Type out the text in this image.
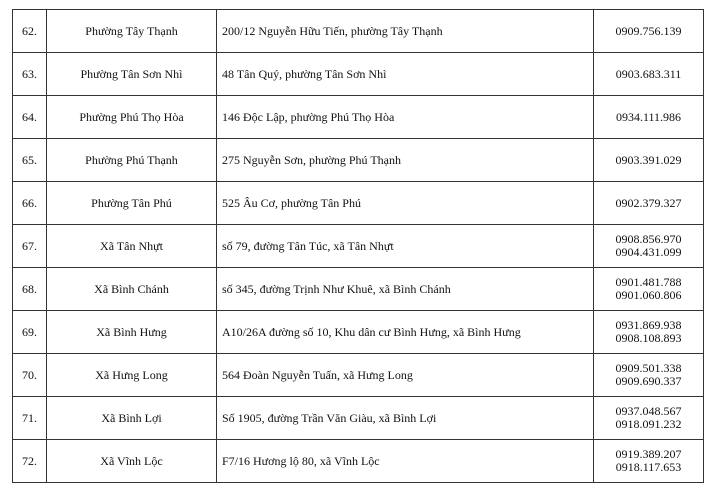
62.	Phường Tây Thạnh	200/12 Nguyễn Hữu Tiến, phường Tây Thạnh	0909.756.139

63.	Phường Tân Sơn Nhì	48 Tân Quý, phường Tân Sơn Nhì	0903.683.311

64.	Phường Phú Thọ Hòa	146 Độc Lập, phường Phú Thọ Hòa	0934.111.986

65.	Phường Phú Thạnh	275 Nguyễn Sơn, phường Phú Thạnh	0903.391.029

66.	Phường Tân Phú	525 Âu Cơ, phường Tân Phú	0902.379.327

67.	Xã Tân Nhựt	số 79, đường Tân Túc, xã Tân Nhựt	0908.856.970
0904.431.099

68.	Xã Bình Chánh	số 345, đường Trịnh Như Khuê, xã Bình Chánh	0901.481.788
0901.060.806

69.	Xã Bình Hưng	A10/26A đường số 10, Khu dân cư Bình Hưng, xã Bình Hưng	0931.869.938
0908.108.893

70.	Xã Hưng Long	564 Đoàn Nguyễn Tuấn, xã Hưng Long	0909.501.338
0909.690.337

71.	Xã Bình Lợi	Số 1905, đường Trần Văn Giàu, xã Bình Lợi	0937.048.567
0918.091.232

72.	Xã Vĩnh Lộc	F7/16 Hương lộ 80, xã Vĩnh Lộc	0919.389.207
0918.117.653
